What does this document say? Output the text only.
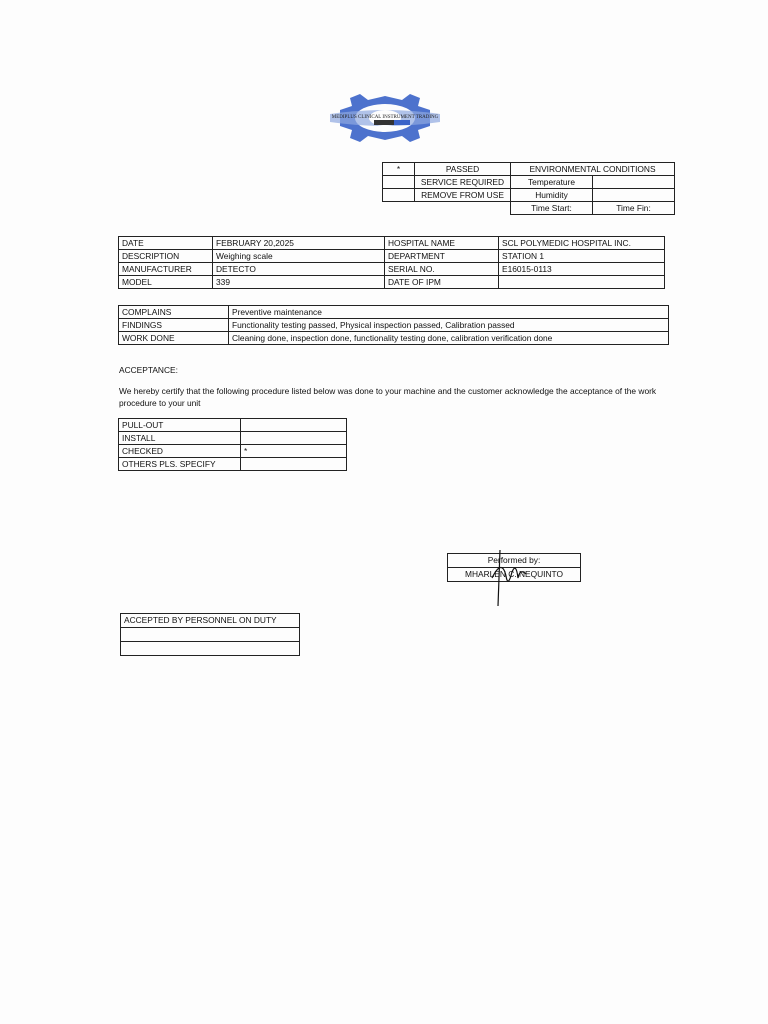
MEDIPLUS CLINICAL INSTRUMENT TRADING
*	PASSED	ENVIRONMENTAL CONDITIONS	
	SERVICE REQUIRED	Temperature	
	REMOVE FROM USE	Humidity	
		Time Start:	Time Fin:
DATE	FEBRUARY 20,2025	HOSPITAL NAME	SCL POLYMEDIC HOSPITAL INC.
DESCRIPTION	Weighing scale	DEPARTMENT	STATION 1
MANUFACTURER	DETECTO	SERIAL NO.	E16015-0113
MODEL	339	DATE OF IPM	
COMPLAINS	Preventive maintenance
FINDINGS	Functionality testing passed, Physical inspection passed, Calibration passed
WORK DONE	Cleaning done, inspection done, functionality testing done, calibration verification done
ACCEPTANCE:
We hereby certify that the following procedure listed below was done to your machine and the customer acknowledge the acceptance of the work procedure to your unit
PULL-OUT	
INSTALL	
CHECKED	*
OTHERS PLS. SPECIFY	
Performed by:
MHARLEN C. NEQUINTO
ACCEPTED BY PERSONNEL ON DUTY
